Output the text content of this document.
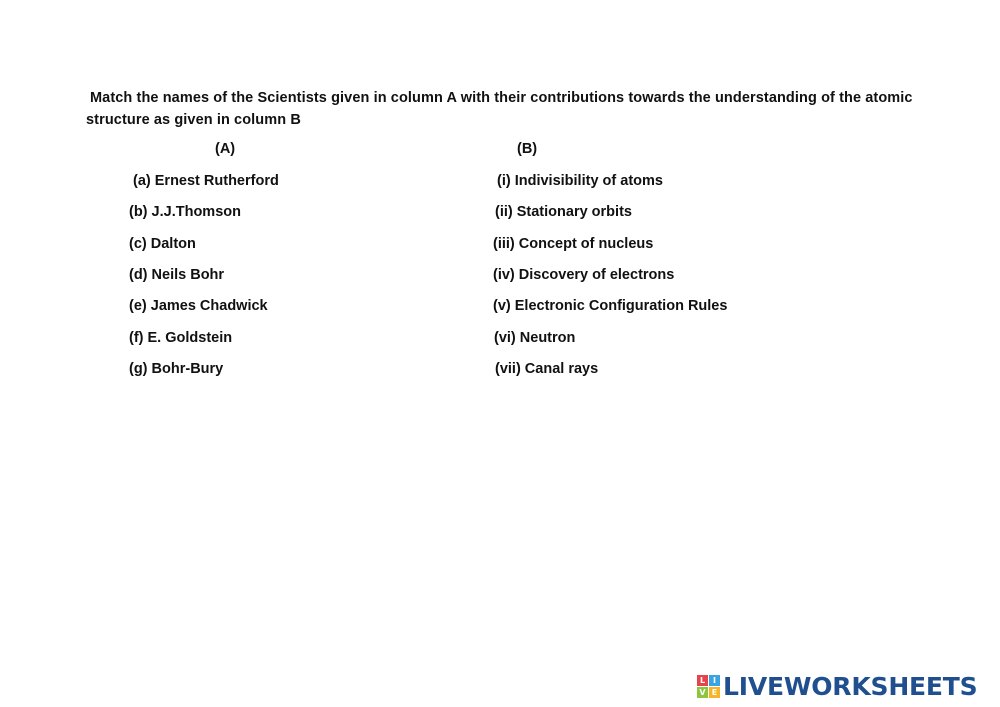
Match the names of the Scientists given in column A with their contributions towards the understanding of the atomic
structure as given in column B
(A)	(B)
(a) Ernest Rutherford
(b) J.J.Thomson
(c) Dalton
(d) Neils Bohr
(e) James Chadwick
(f) E. Goldstein
(g) Bohr-Bury
(i) Indivisibility of atoms
(ii) Stationary orbits
(iii) Concept of nucleus
(iv) Discovery of electrons
(v) Electronic Configuration Rules
(vi) Neutron
(vii) Canal rays
L I
V E LIVEWORKSHEETS
